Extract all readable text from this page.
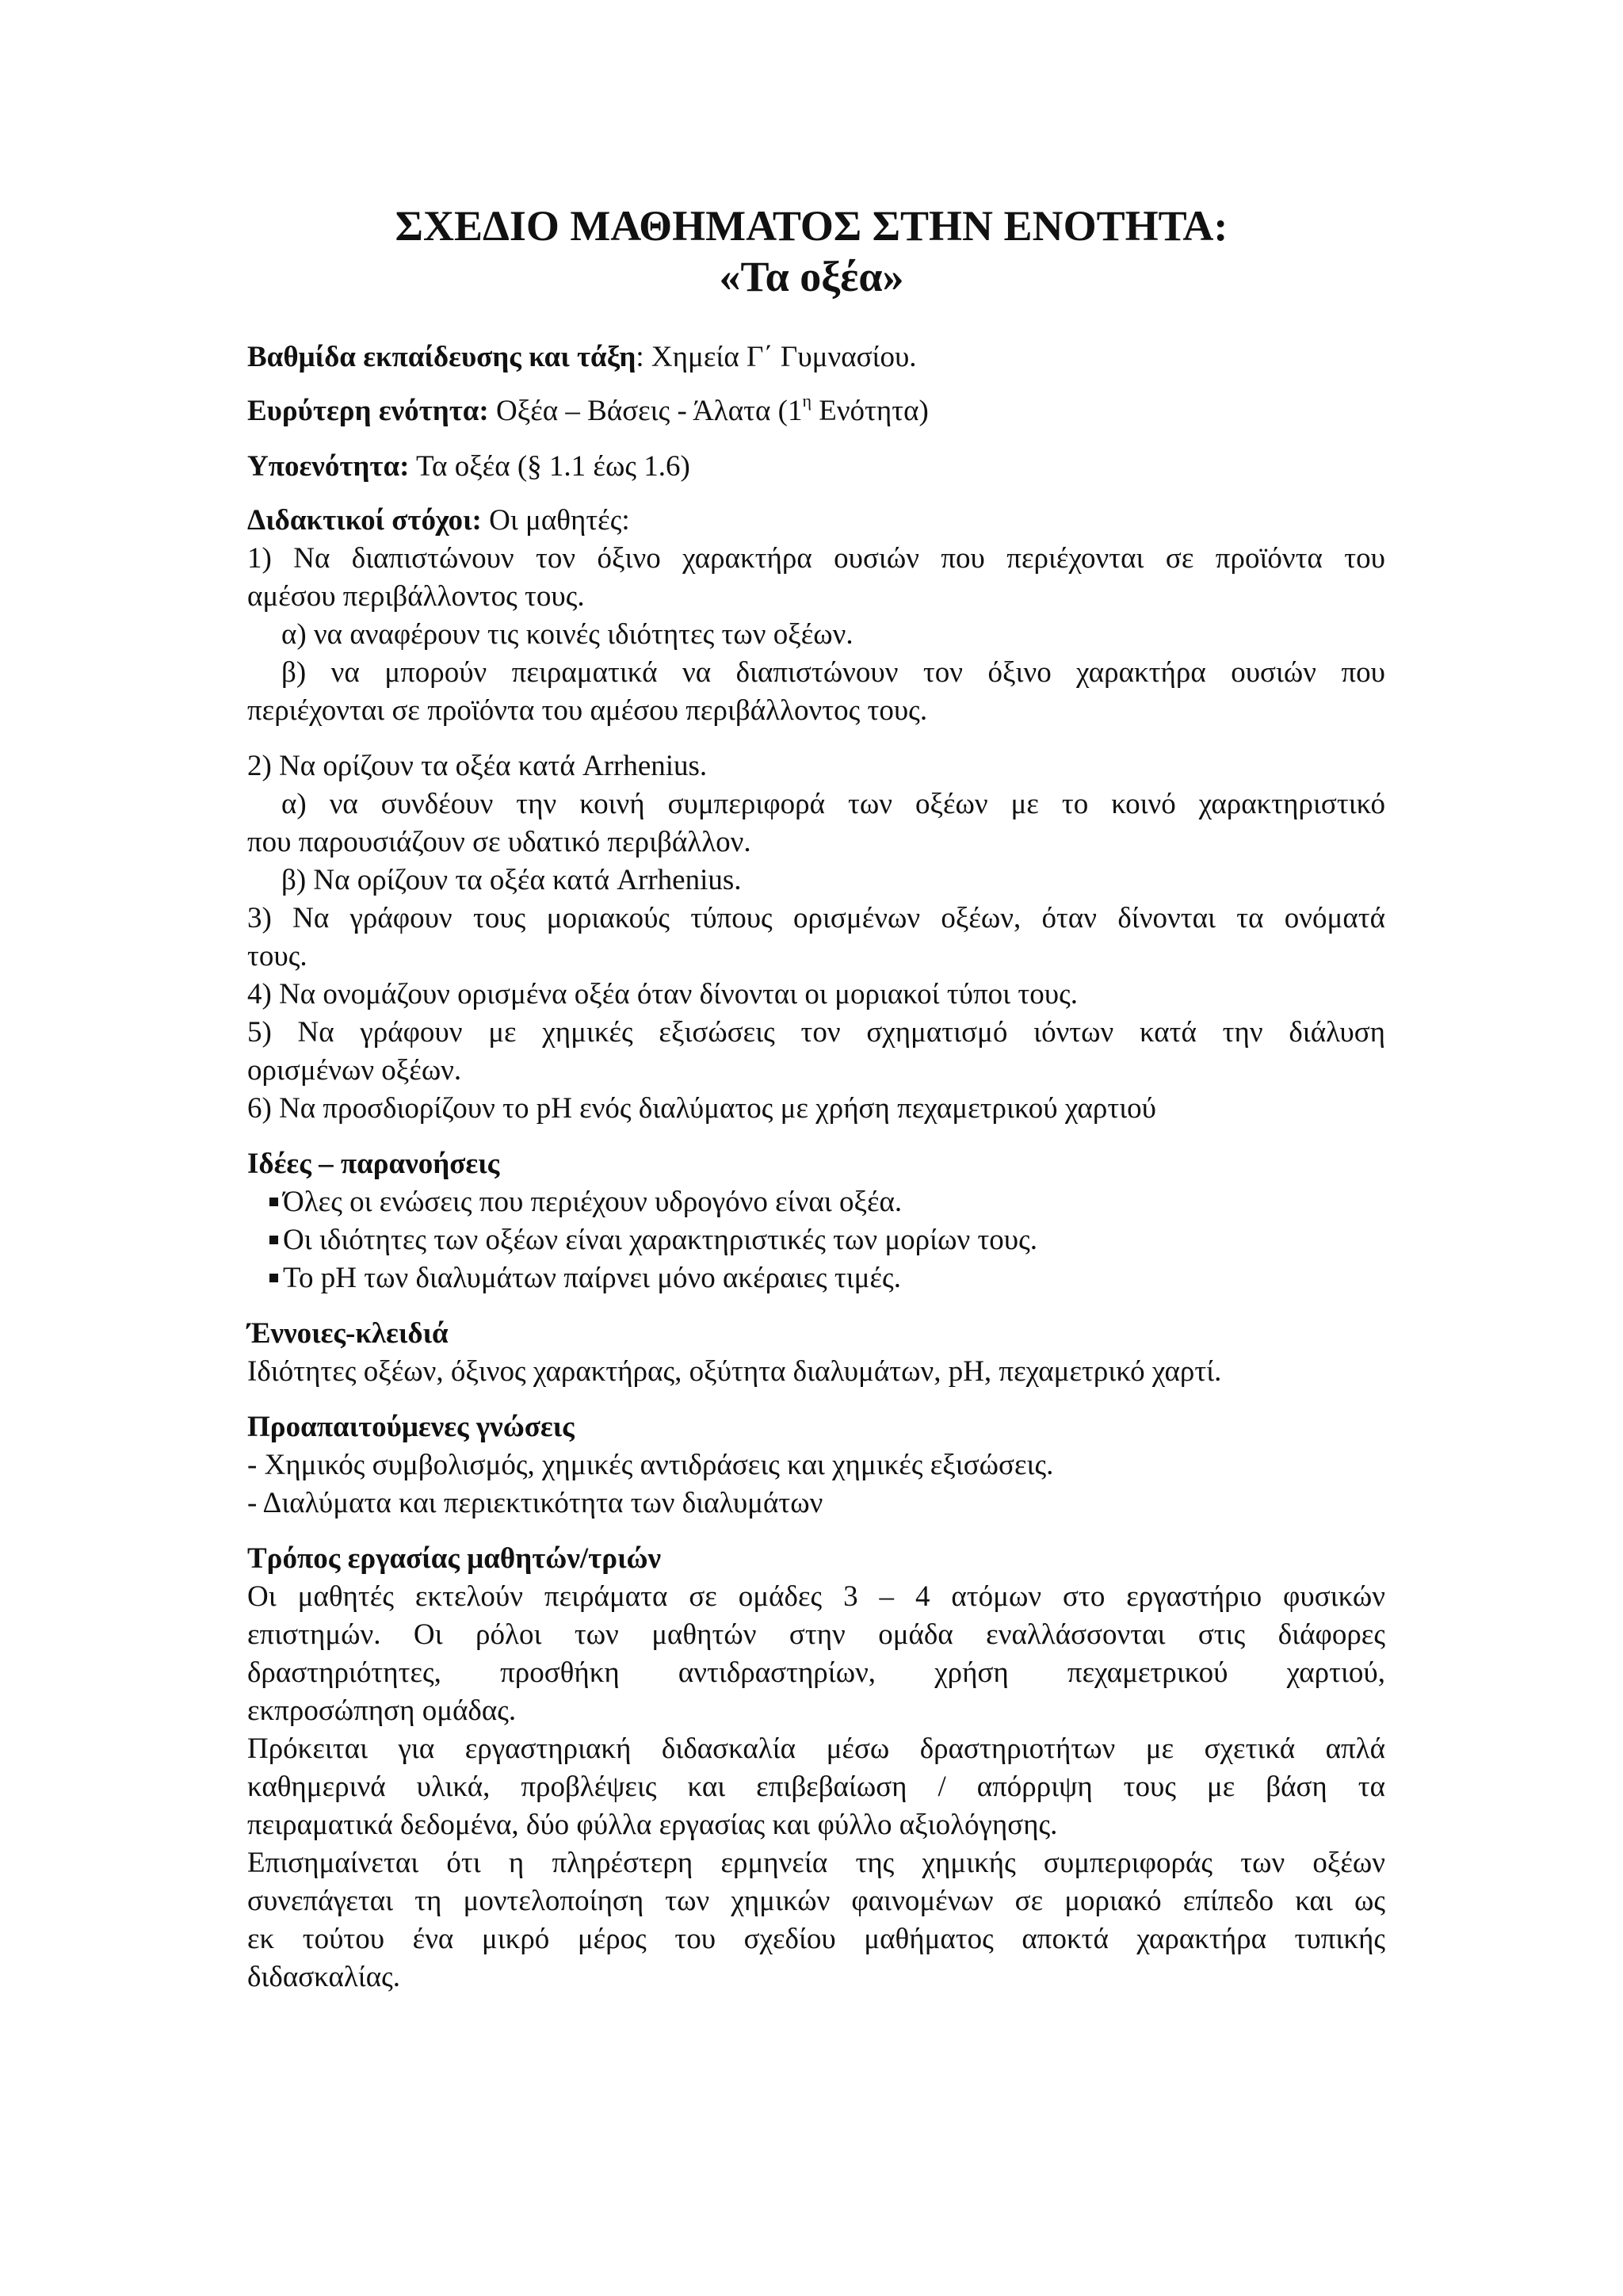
ΣΧΕΔΙΟ ΜΑΘΗΜΑΤΟΣ ΣΤΗΝ ΕΝΟΤΗΤΑ:
«Τα οξέα»
Βαθμίδα εκπαίδευσης και τάξη: Χημεία Γ΄ Γυμνασίου.
Ευρύτερη ενότητα: Οξέα – Βάσεις - Άλατα ($1^\eta$ Ενότητα)
Υποενότητα: Τα οξέα (§ 1.1 έως 1.6)
Διδακτικοί στόχοι: Οι μαθητές:
1) Να διαπιστώνουν τον όξινο χαρακτήρα ουσιών που περιέχονται σε προϊόντα του
αμέσου περιβάλλοντος τους.
α) να αναφέρουν τις κοινές ιδιότητες των οξέων.
β) να μπορούν πειραματικά να διαπιστώνουν τον όξινο χαρακτήρα ουσιών που
περιέχονται σε προϊόντα του αμέσου περιβάλλοντος τους.
2) Να ορίζουν τα οξέα κατά Arrhenius.
α) να συνδέουν την κοινή συμπεριφορά των οξέων με το κοινό χαρακτηριστικό
που παρουσιάζουν σε υδατικό περιβάλλον.
β) Να ορίζουν τα οξέα κατά Arrhenius.
3) Να γράφουν τους μοριακούς τύπους ορισμένων οξέων, όταν δίνονται τα ονόματά
τους.
4) Να ονομάζουν ορισμένα οξέα όταν δίνονται οι μοριακοί τύποι τους.
5) Να γράφουν με χημικές εξισώσεις τον σχηματισμό ιόντων κατά την διάλυση
ορισμένων οξέων.
6) Να προσδιορίζουν το pH ενός διαλύματος με χρήση πεχαμετρικού χαρτιού
Ιδέες – παρανοήσεις
Όλες οι ενώσεις που περιέχουν υδρογόνο είναι οξέα.
Οι ιδιότητες των οξέων είναι χαρακτηριστικές των μορίων τους.
Το pH των διαλυμάτων παίρνει μόνο ακέραιες τιμές.
Έννοιες-κλειδιά
Ιδιότητες οξέων, όξινος χαρακτήρας, οξύτητα διαλυμάτων, pH, πεχαμετρικό χαρτί.
Προαπαιτούμενες γνώσεις
- Χημικός συμβολισμός, χημικές αντιδράσεις και χημικές εξισώσεις.
- Διαλύματα και περιεκτικότητα των διαλυμάτων
Τρόπος εργασίας μαθητών/τριών
Οι μαθητές εκτελούν πειράματα σε ομάδες 3 – 4 ατόμων στο εργαστήριο φυσικών
επιστημών. Οι ρόλοι των μαθητών στην ομάδα εναλλάσσονται στις διάφορες
δραστηριότητες, προσθήκη αντιδραστηρίων, χρήση πεχαμετρικού χαρτιού,
εκπροσώπηση ομάδας.
Πρόκειται για εργαστηριακή διδασκαλία μέσω δραστηριοτήτων με σχετικά απλά
καθημερινά υλικά, προβλέψεις και επιβεβαίωση / απόρριψη τους με βάση τα
πειραματικά δεδομένα, δύο φύλλα εργασίας και φύλλο αξιολόγησης.
Επισημαίνεται ότι η πληρέστερη ερμηνεία της χημικής συμπεριφοράς των οξέων
συνεπάγεται τη μοντελοποίηση των χημικών φαινομένων σε μοριακό επίπεδο και ως
εκ τούτου ένα μικρό μέρος του σχεδίου μαθήματος αποκτά χαρακτήρα τυπικής
διδασκαλίας.
